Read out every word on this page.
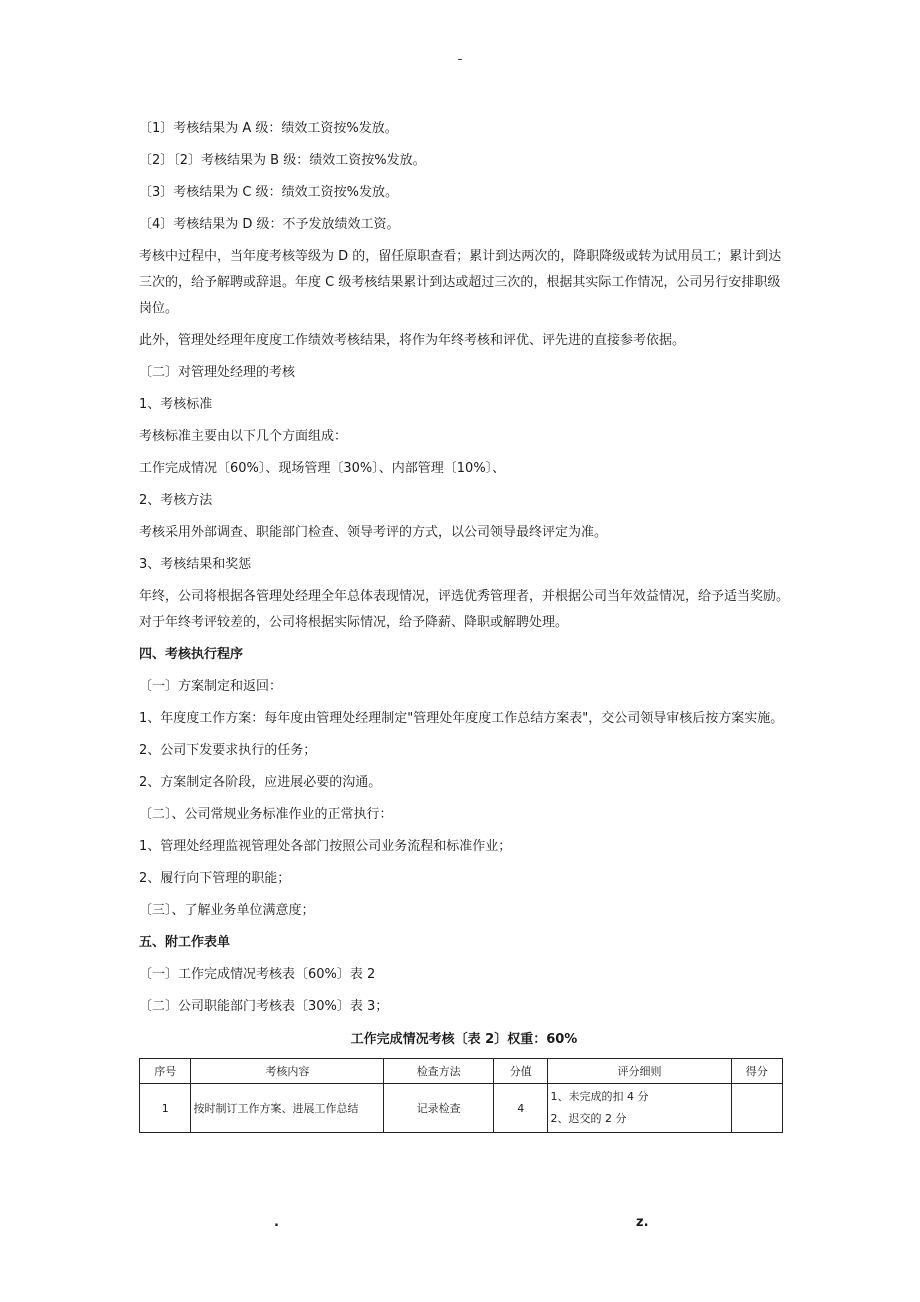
-

〔1〕考核结果为 A 级：绩效工资按%发放。

〔2〕〔2〕考核结果为 B 级：绩效工资按%发放。

〔3〕考核结果为 C 级：绩效工资按%发放。

〔4〕考核结果为 D 级：不予发放绩效工资。

考核中过程中，当年度考核等级为 D 的，留任原职查看；累计到达两次的，降职降级或转为试用员工；累计到达三次的，给予解聘或辞退。年度 C 级考核结果累计到达或超过三次的，根据其实际工作情况，公司另行安排职级岗位。

此外，管理处经理年度度工作绩效考核结果，将作为年终考核和评优、评先进的直接参考依据。

〔二〕对管理处经理的考核

1、考核标准

考核标准主要由以下几个方面组成：

工作完成情况〔60%〕、现场管理〔30%〕、内部管理〔10%〕、

2、考核方法

考核采用外部调查、职能部门检查、领导考评的方式，以公司领导最终评定为准。

3、考核结果和奖惩

年终，公司将根据各管理处经理全年总体表现情况，评选优秀管理者，并根据公司当年效益情况，给予适当奖励。对于年终考评较差的，公司将根据实际情况，给予降薪、降职或解聘处理。

四、考核执行程序

〔一〕方案制定和返回：

1、年度度工作方案：每年度由管理处经理制定"管理处年度度工作总结方案表"，交公司领导审核后按方案实施。

2、公司下发要求执行的任务；

2、方案制定各阶段，应进展必要的沟通。

〔二〕、公司常规业务标准作业的正常执行：

1、管理处经理监视管理处各部门按照公司业务流程和标准作业；

2、履行向下管理的职能；

〔三〕、了解业务单位满意度；

五、附工作表单

〔一〕工作完成情况考核表〔60%〕表 2

〔二〕公司职能部门考核表〔30%〕表 3；

工作完成情况考核〔表 2〕权重：60%
序号	考核内容	检查方法	分值	评分细则	得分
1	按时制订工作方案、进展工作总结	记录检查	4	1、未完成的扣 4 分
2、迟交的 2 分	

.	z.
